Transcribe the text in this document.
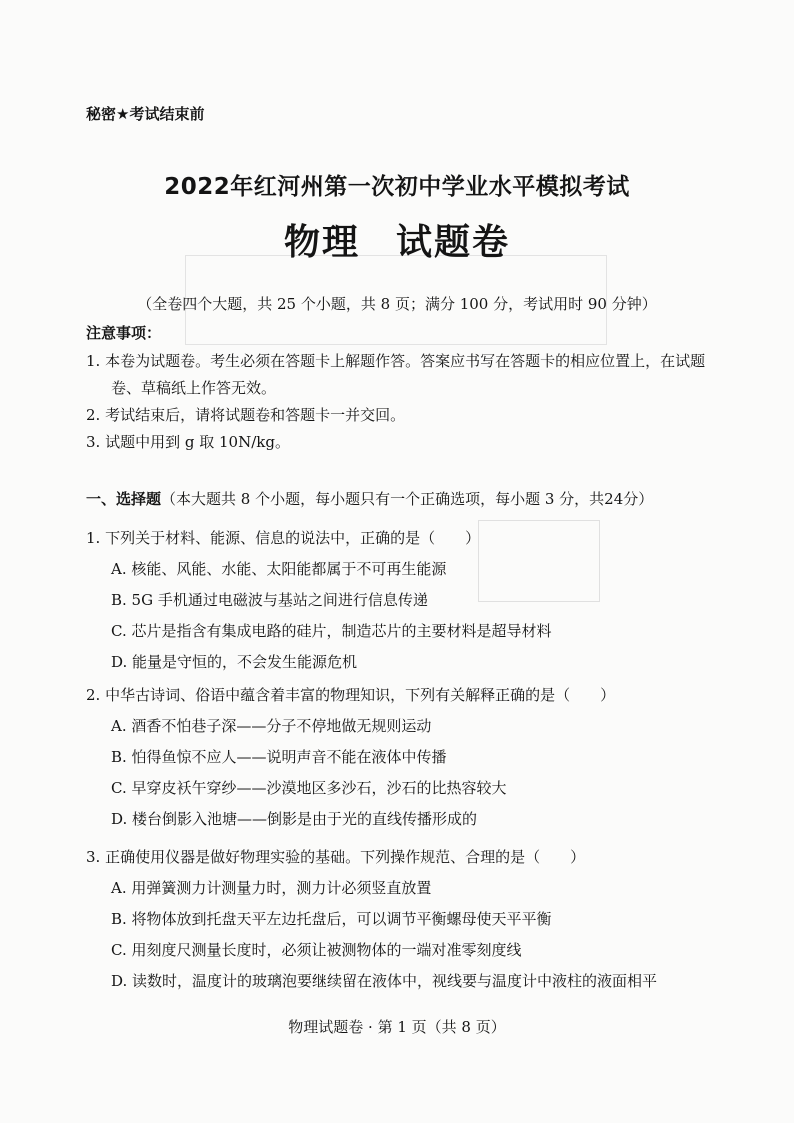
秘密★考试结束前
2022年红河州第一次初中学业水平模拟考试
物理 试题卷
（全卷四个大题，共 25 个小题，共 8 页；满分 100 分，考试用时 90 分钟）
注意事项：
1. 本卷为试题卷。考生必须在答题卡上解题作答。答案应书写在答题卡的相应位置上，在试题
卷、草稿纸上作答无效。
2. 考试结束后，请将试题卷和答题卡一并交回。
3. 试题中用到 g 取 10N/kg。
一、选择题（本大题共 8 个小题，每小题只有一个正确选项，每小题 3 分，共24分）
1. 下列关于材料、能源、信息的说法中，正确的是（　　）
A. 核能、风能、水能、太阳能都属于不可再生能源
B. 5G 手机通过电磁波与基站之间进行信息传递
C. 芯片是指含有集成电路的硅片，制造芯片的主要材料是超导材料
D. 能量是守恒的，不会发生能源危机
2. 中华古诗词、俗语中蕴含着丰富的物理知识，下列有关解释正确的是（　　）
A. 酒香不怕巷子深——分子不停地做无规则运动
B. 怕得鱼惊不应人——说明声音不能在液体中传播
C. 早穿皮袄午穿纱——沙漠地区多沙石，沙石的比热容较大
D. 楼台倒影入池塘——倒影是由于光的直线传播形成的
3. 正确使用仪器是做好物理实验的基础。下列操作规范、合理的是（　　）
A. 用弹簧测力计测量力时，测力计必须竖直放置
B. 将物体放到托盘天平左边托盘后，可以调节平衡螺母使天平平衡
C. 用刻度尺测量长度时，必须让被测物体的一端对准零刻度线
D. 读数时，温度计的玻璃泡要继续留在液体中，视线要与温度计中液柱的液面相平
物理试题卷 · 第 1 页（共 8 页）
